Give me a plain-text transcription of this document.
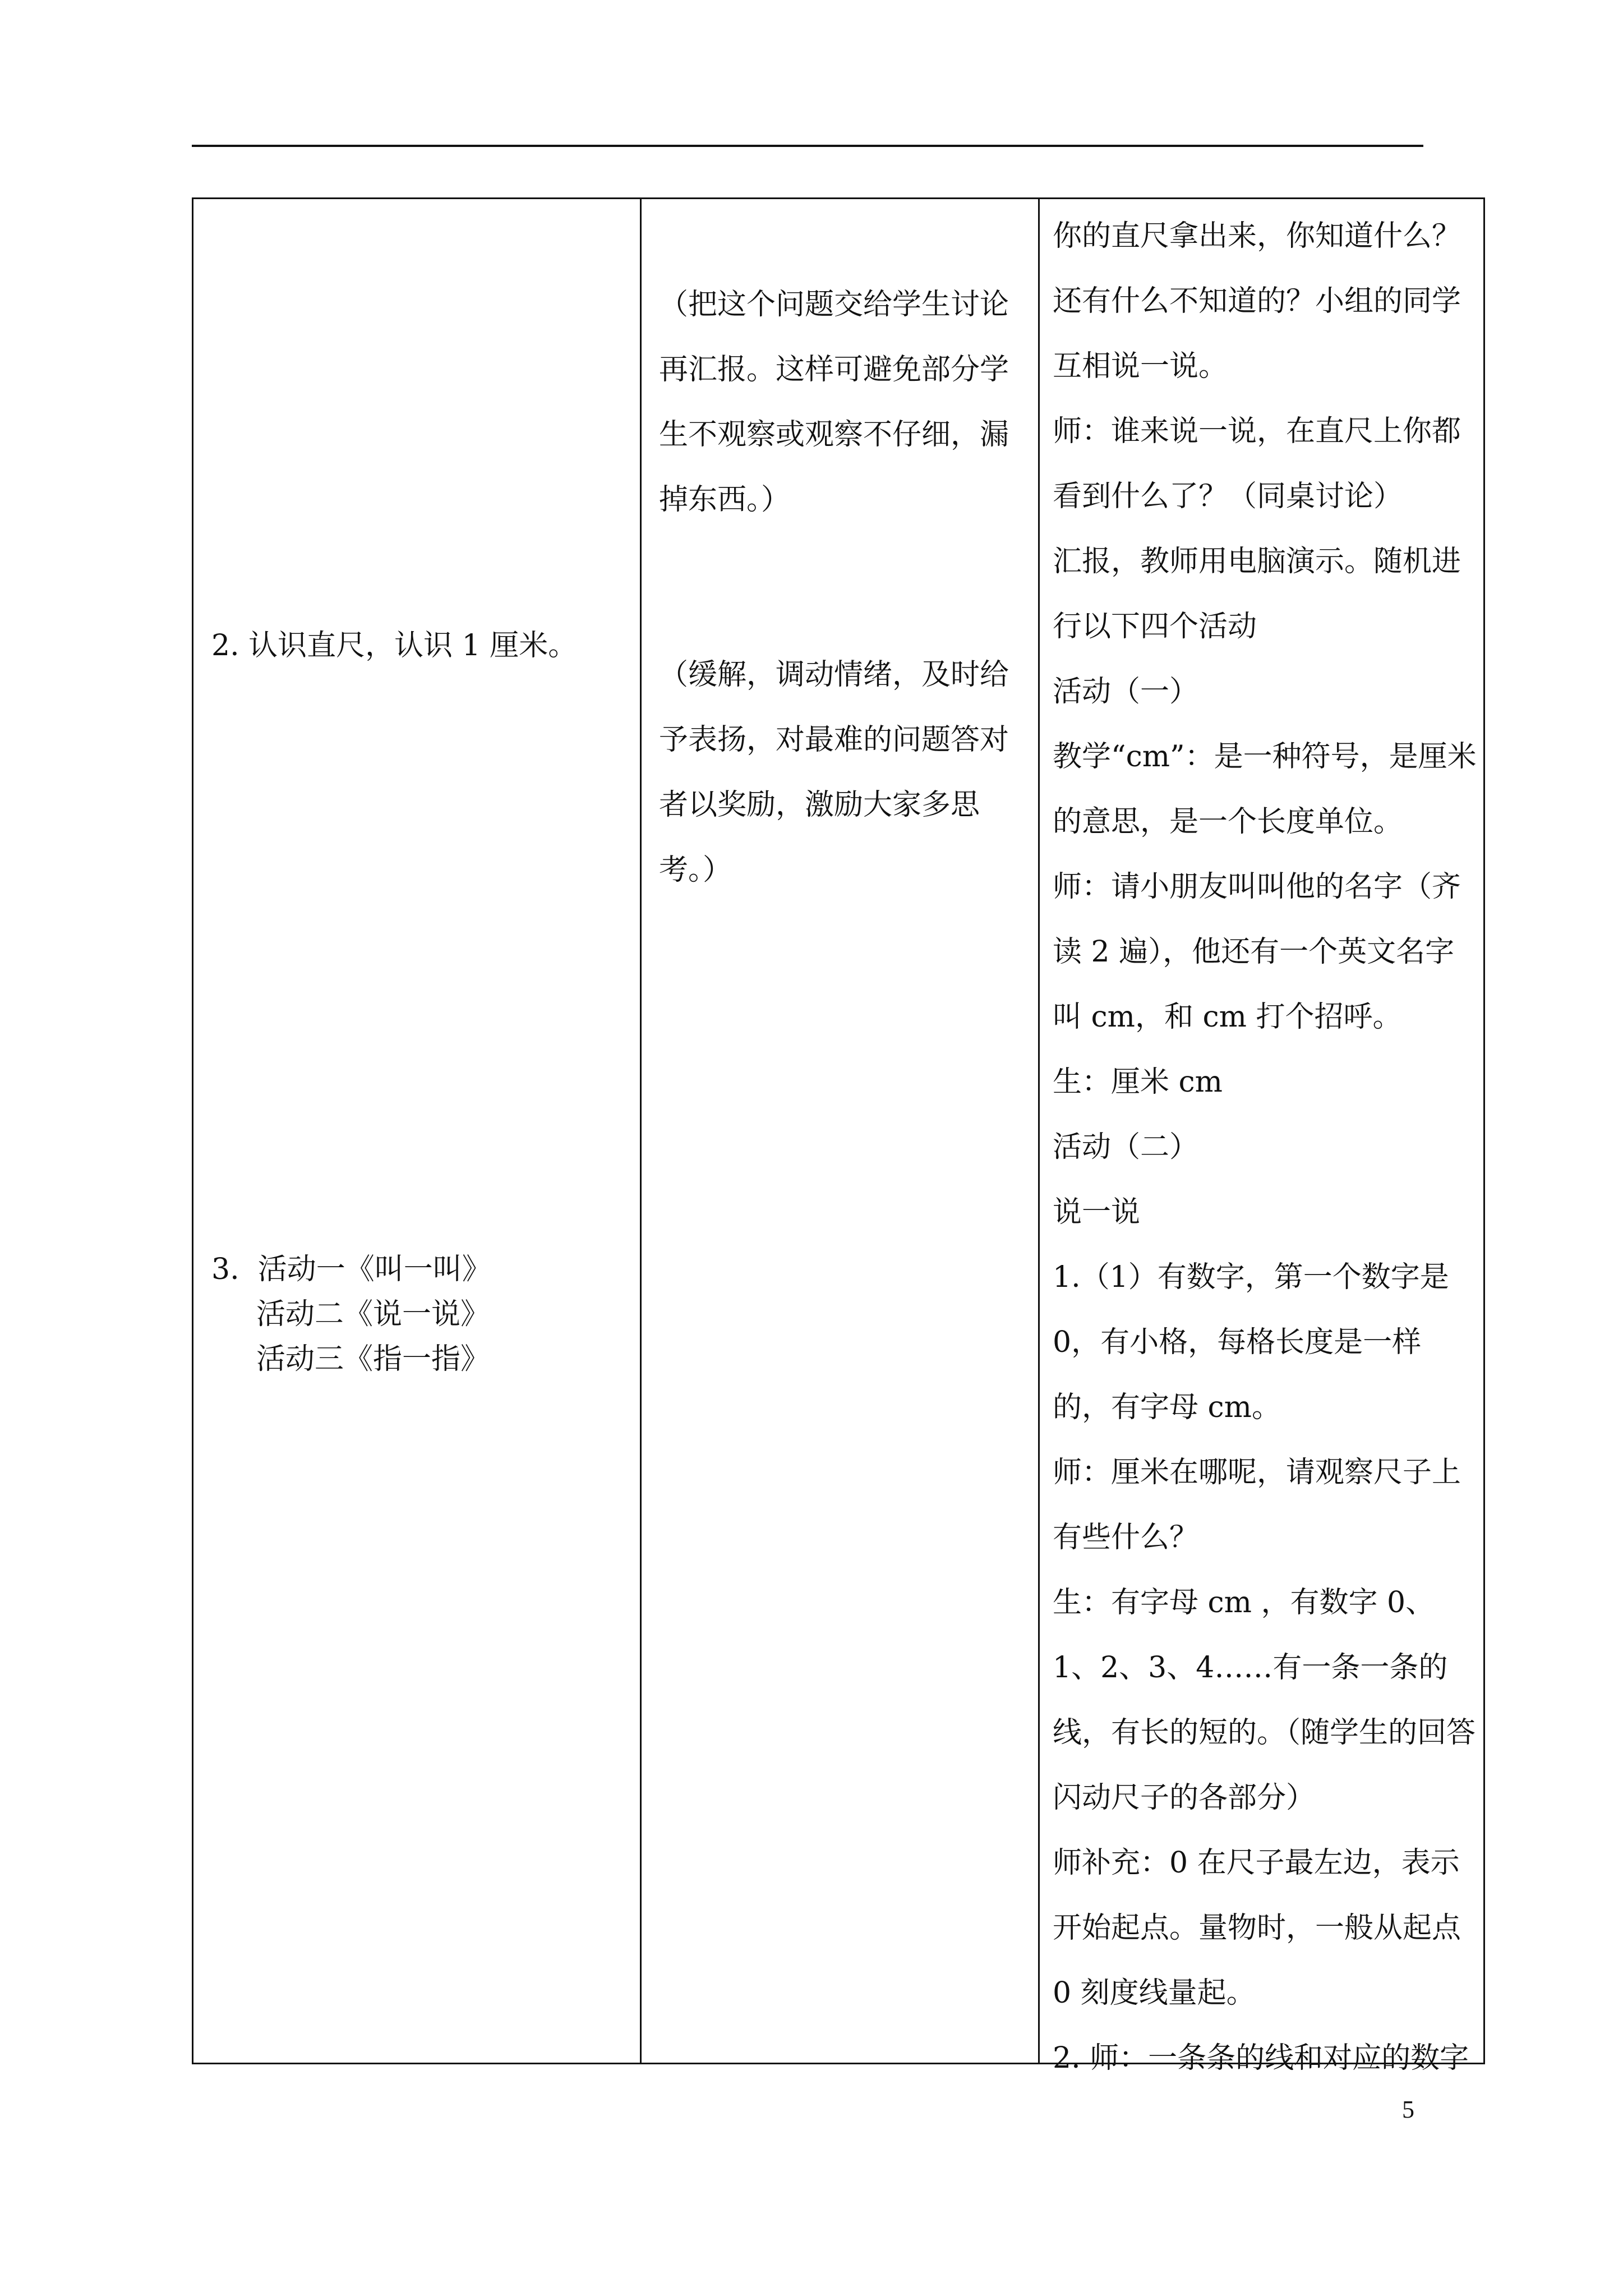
2. 认识直尺，认识 1 厘米。

3. 活动一《叫一叫》

活动二《说一说》

活动三《指一指》

（把这个问题交给学生讨论再汇报。这样可避免部分学生不观察或观察不仔细，漏掉东西。）

（缓解，调动情绪，及时给予表扬，对最难的问题答对者以奖励，激励大家多思考。）

你的直尺拿出来，你知道什么？还有什么不知道的？小组的同学互相说一说。

师：谁来说一说，在直尺上你都看到什么了？（同桌讨论）

汇报，教师用电脑演示。随机进行以下四个活动

活动（一）

教学“cm”：是一种符号，是厘米的意思，是一个长度单位。

师：请小朋友叫叫他的名字（齐读 2 遍），他还有一个英文名字叫 cm，和 cm 打个招呼。

生：厘米 cm

活动（二）

说一说

1.（1）有数字，第一个数字是 0，有小格，每格长度是一样的，有字母 cm。

师：厘米在哪呢，请观察尺子上有些什么？

生：有字母 cm ，有数字 0、1、2、3、4……有一条一条的线，有长的短的。（随学生的回答闪动尺子的各部分）

师补充：0 在尺子最左边，表示开始起点。量物时，一般从起点 0 刻度线量起。

2. 师：一条条的线和对应的数字

5
